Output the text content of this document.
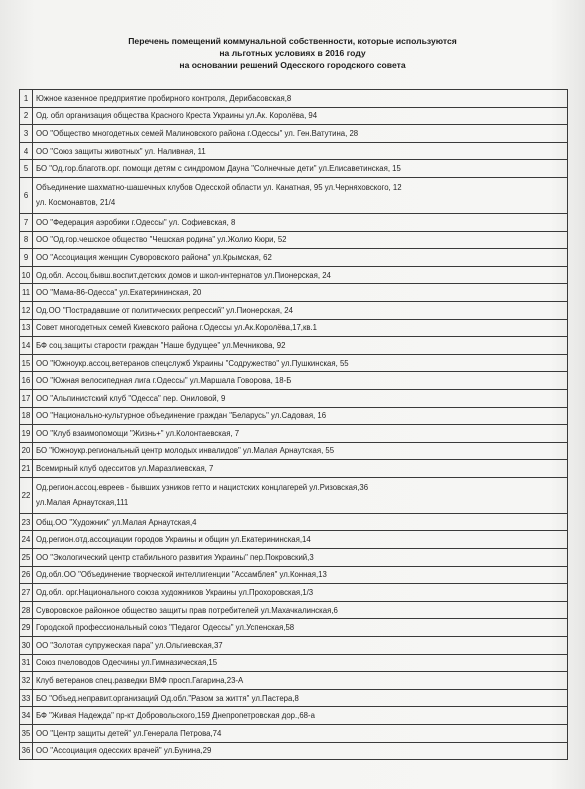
Перечень помещений коммунальной собственности, которые используются
на льготных условиях в 2016 году
на основании решений Одесского городского совета
1	Южное казенное предприятие пробирного контроля, Дерибасовская,8
2	Од. обл организация общества Красного Креста Украины ул.Ак. Королёва, 94
3	ОО "Общество многодетных семей Малиновского района г.Одессы" ул. Ген.Ватутина, 28
4	ОО "Союз защиты животных" ул. Наливная, 11
5	БО "Од.гор.благотв.орг. помощи детям с синдромом Дауна "Солнечные дети" ул.Елисаветинская, 15
6	Объединение шахматно-шашечных клубов Одесской области ул. Канатная, 95 ул.Черняховского, 12
ул. Космонавтов, 21/4

7	ОО "Федерация аэробики г.Одессы" ул. Софиевская, 8
8	ОО "Од.гор.чешское общество "Чешская родина" ул.Жолио Кюри, 52
9	ОО "Ассоциация женщин Суворовского района" ул.Крымская, 62
10	Од.обл. Ассоц.бывш.воспит.детских домов и школ-интернатов ул.Пионерская, 24
11	ОО "Мама-86-Одесса" ул.Екатерининская, 20
12	Од.ОО "Пострадавшие от политических репрессий" ул.Пионерская, 24
13	Совет многодетных семей Киевского района г.Одессы ул.Ак.Королёва,17,кв.1
14	БФ соц.защиты старости граждан "Наше будущее" ул.Мечникова, 92
15	ОО "Южноукр.ассоц.ветеранов спецслужб Украины "Содружество" ул.Пушкинская, 55
16	ОО "Южная велосипедная лига г.Одессы" ул.Маршала Говорова, 18-Б
17	ОО "Альпинистский клуб "Одесса" пер. Ониловой, 9
18	ОО "Национально-культурное объединение граждан "Беларусь" ул.Садовая, 16
19	ОО "Клуб взаимопомощи "Жизнь+" ул.Колонтаевская, 7
20	БО "Южноукр.региональный центр молодых инвалидов" ул.Малая Арнаутская, 55
21	Всемирный клуб одесситов ул.Маразлиевская, 7
22	Од.регион.ассоц.евреев - бывших узников гетто и нацистских концлагерей ул.Ризовская,36
ул.Малая Арнаутская,111

23	Общ.ОО "Художник" ул.Малая Арнаутская,4
24	Од.регион.отд.ассоциации городов Украины и общин ул.Екатерининская,14
25	ОО "Экологический центр стабильного развития Украины" пер.Покровский,3
26	Од.обл.ОО "Объединение творческой интеллигенции "Ассамблея" ул.Конная,13
27	Од.обл. орг.Национального союза художников Украины ул.Прохоровская,1/3
28	Суворовское районное общество защиты прав потребителей ул.Махачкалинская,6
29	Городской профессиональный союз "Педагог Одессы" ул.Успенская,58
30	ОО "Золотая супружеская пара" ул.Ольгиевская,37
31	Союз пчеловодов Одесчины ул.Гимназическая,15
32	Клуб ветеранов спец.разведки ВМФ просп.Гагарина,23-А
33	БО "Объед.неправит.организаций Од.обл."Разом за життя" ул.Пастера,8
34	БФ "Живая Надежда" пр-кт Добровольского,159 Днепропетровская дор.,68-а
35	ОО "Центр защиты детей" ул.Генерала Петрова,74
36	ОО "Ассоциация одесских врачей" ул.Бунина,29
